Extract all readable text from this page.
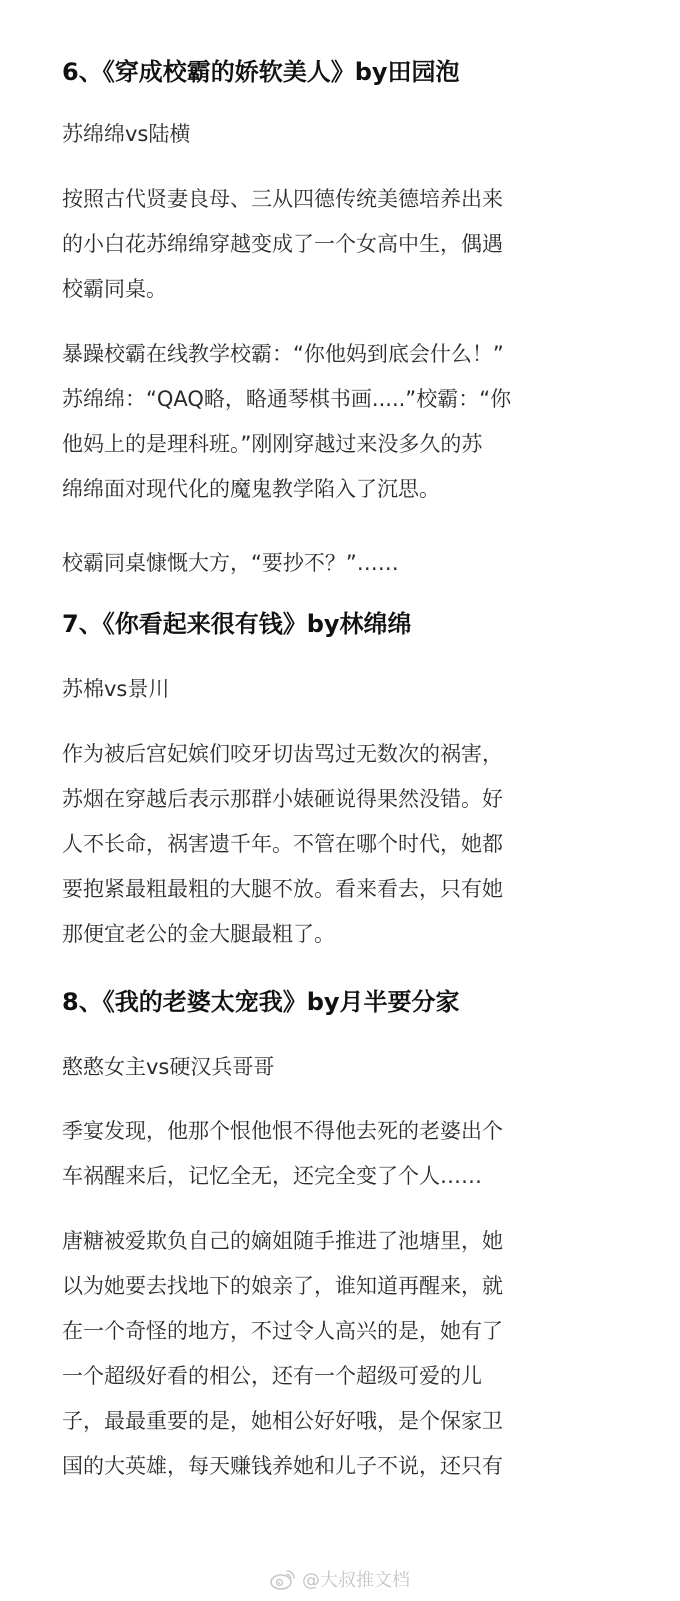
6、《穿成校霸的娇软美人》by田园泡
苏绵绵vs陆横
按照古代贤妻良母、三从四德传统美德培养出来
的小白花苏绵绵穿越变成了一个女高中生，偶遇
校霸同桌。
暴躁校霸在线教学校霸：“你他妈到底会什么！”
苏绵绵：“QAQ略，略通琴棋书画.....”校霸：“你
他妈上的是理科班。”刚刚穿越过来没多久的苏
绵绵面对现代化的魔鬼教学陷入了沉思。
校霸同桌慷慨大方，“要抄不？”……
7、《你看起来很有钱》by林绵绵
苏棉vs景川
作为被后宫妃嫔们咬牙切齿骂过无数次的祸害，
苏烟在穿越后表示那群小婊砸说得果然没错。好
人不长命，祸害遗千年。不管在哪个时代，她都
要抱紧最粗最粗的大腿不放。看来看去，只有她
那便宜老公的金大腿最粗了。
8、《我的老婆太宠我》by月半要分家
憨憨女主vs硬汉兵哥哥
季宴发现，他那个恨他恨不得他去死的老婆出个
车祸醒来后，记忆全无，还完全变了个人……
唐糖被爱欺负自己的嫡姐随手推进了池塘里，她
以为她要去找地下的娘亲了，谁知道再醒来，就
在一个奇怪的地方，不过令人高兴的是，她有了
一个超级好看的相公，还有一个超级可爱的儿
子，最最重要的是，她相公好好哦，是个保家卫
国的大英雄，每天赚钱养她和儿子不说，还只有
@大叔推文档
